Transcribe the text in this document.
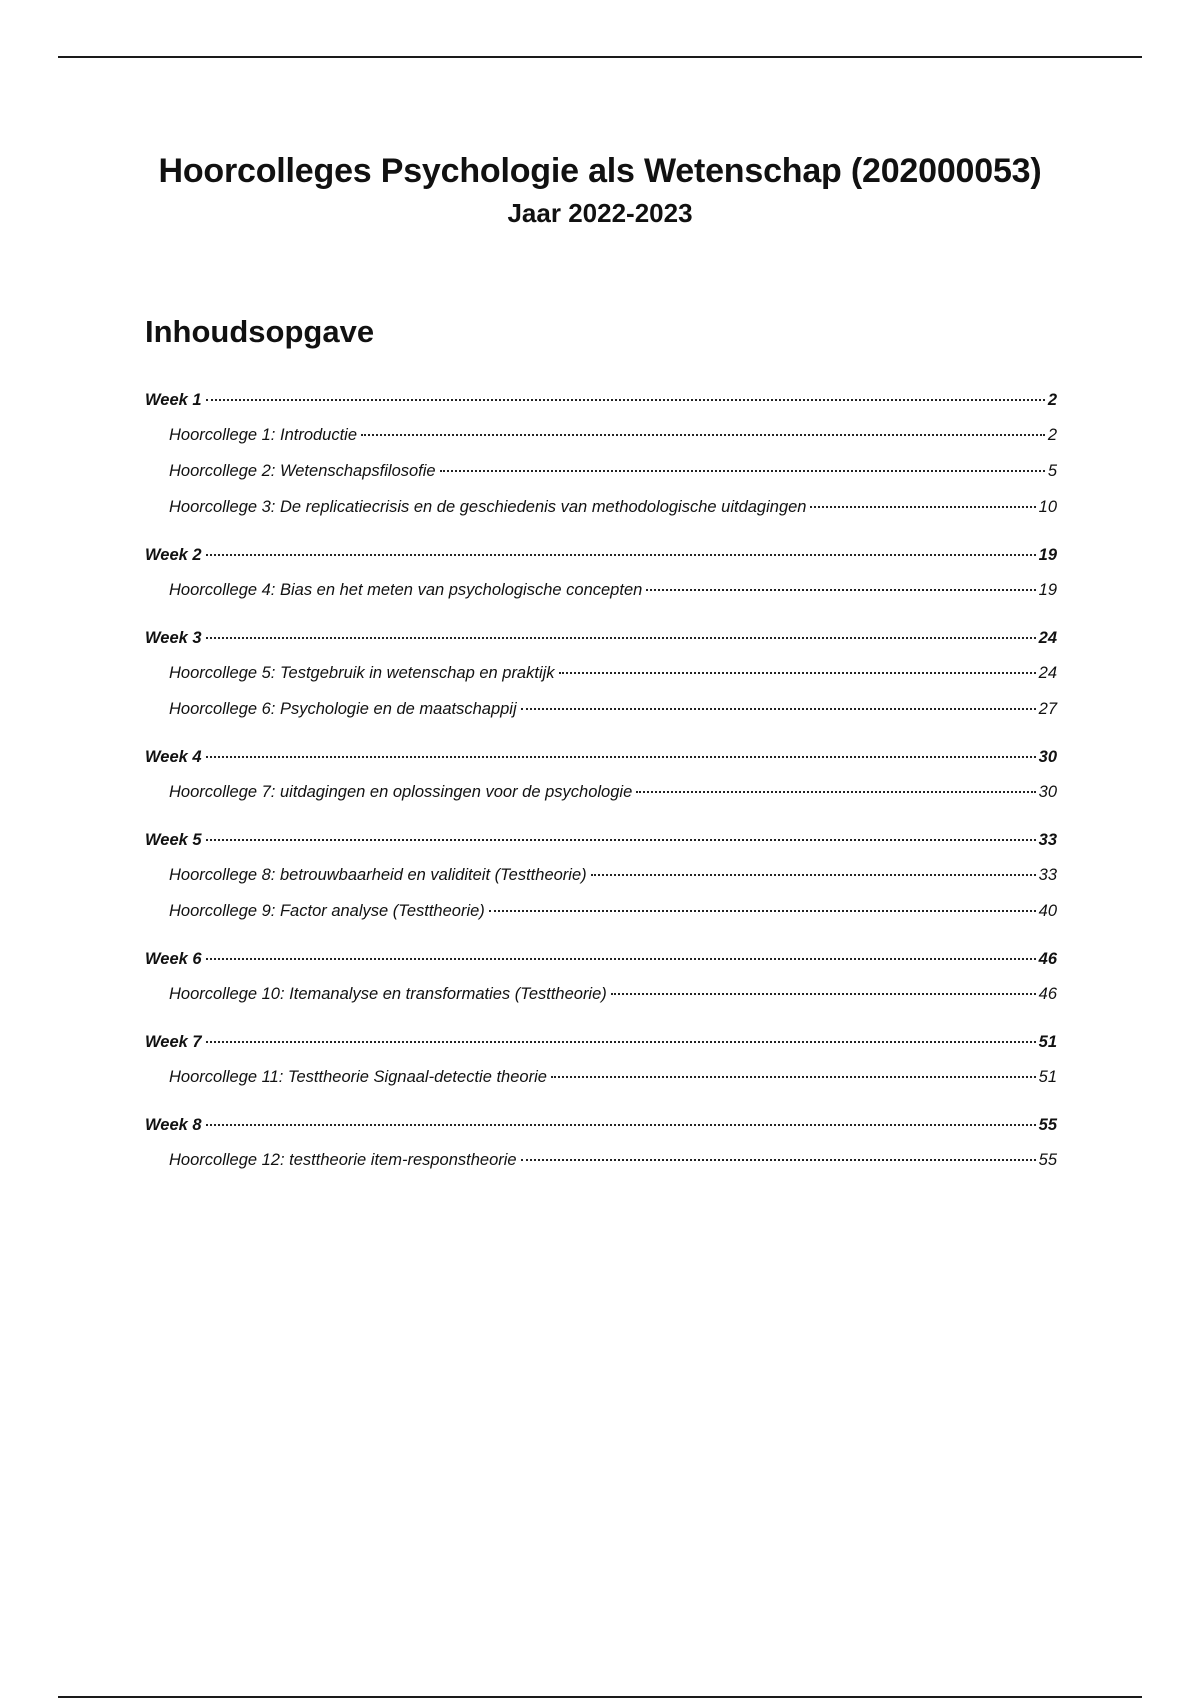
Hoorcolleges Psychologie als Wetenschap (202000053)
Jaar 2022-2023
Inhoudsopgave
Week 1	2
Hoorcollege 1: Introductie	2
Hoorcollege 2: Wetenschapsfilosofie	5
Hoorcollege 3: De replicatiecrisis en de geschiedenis van methodologische uitdagingen	10
Week 2	19
Hoorcollege 4: Bias en het meten van psychologische concepten	19
Week 3	24
Hoorcollege 5: Testgebruik in wetenschap en praktijk	24
Hoorcollege 6: Psychologie en de maatschappij	27
Week 4	30
Hoorcollege 7: uitdagingen en oplossingen voor de psychologie	30
Week 5	33
Hoorcollege 8: betrouwbaarheid en validiteit (Testtheorie)	33
Hoorcollege 9: Factor analyse (Testtheorie)	40
Week 6	46
Hoorcollege 10: Itemanalyse en transformaties (Testtheorie)	46
Week 7	51
Hoorcollege 11: Testtheorie Signaal-detectie theorie	51
Week 8	55
Hoorcollege 12: testtheorie item-responstheorie	55
